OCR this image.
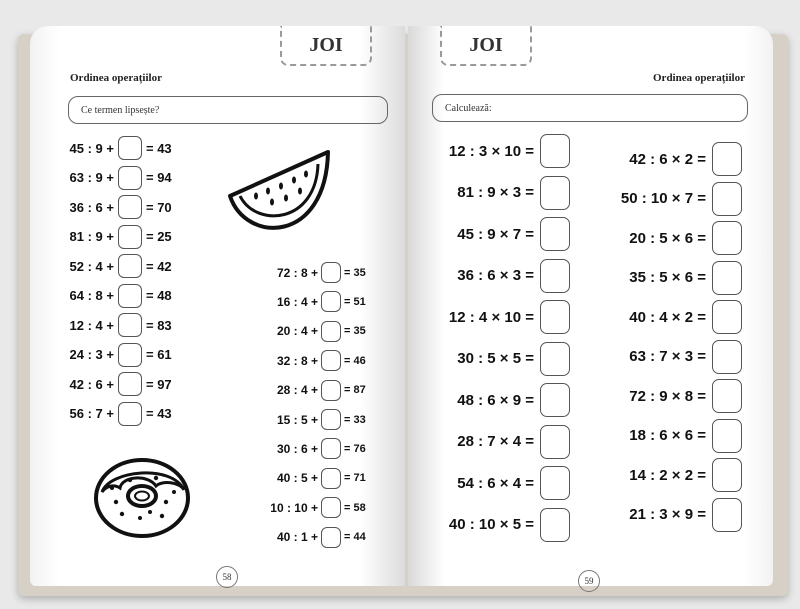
JOI
Ordinea operațiilor
Ce termen lipsește?
45 : 9 + = 43
63 : 9 + = 94
36 : 6 + = 70
81 : 9 + = 25
52 : 4 + = 42
64 : 8 + = 48
12 : 4 + = 83
24 : 3 + = 61
42 : 6 + = 97
56 : 7 + = 43
72 : 8 + = 35
16 : 4 + = 51
20 : 4 + = 35
32 : 8 + = 46
28 : 4 + = 87
15 : 5 + = 33
30 : 6 + = 76
40 : 5 + = 71
10 : 10 + = 58
40 : 1 + = 44
58
JOI
Ordinea operațiilor
Calculează:
12 : 3 × 10 =
81 : 9 × 3 =
45 : 9 × 7 =
36 : 6 × 3 =
12 : 4 × 10 =
30 : 5 × 5 =
48 : 6 × 9 =
28 : 7 × 4 =
54 : 6 × 4 =
40 : 10 × 5 =
42 : 6 × 2 =
50 : 10 × 7 =
20 : 5 × 6 =
35 : 5 × 6 =
40 : 4 × 2 =
63 : 7 × 3 =
72 : 9 × 8 =
18 : 6 × 6 =
14 : 2 × 2 =
21 : 3 × 9 =
59
